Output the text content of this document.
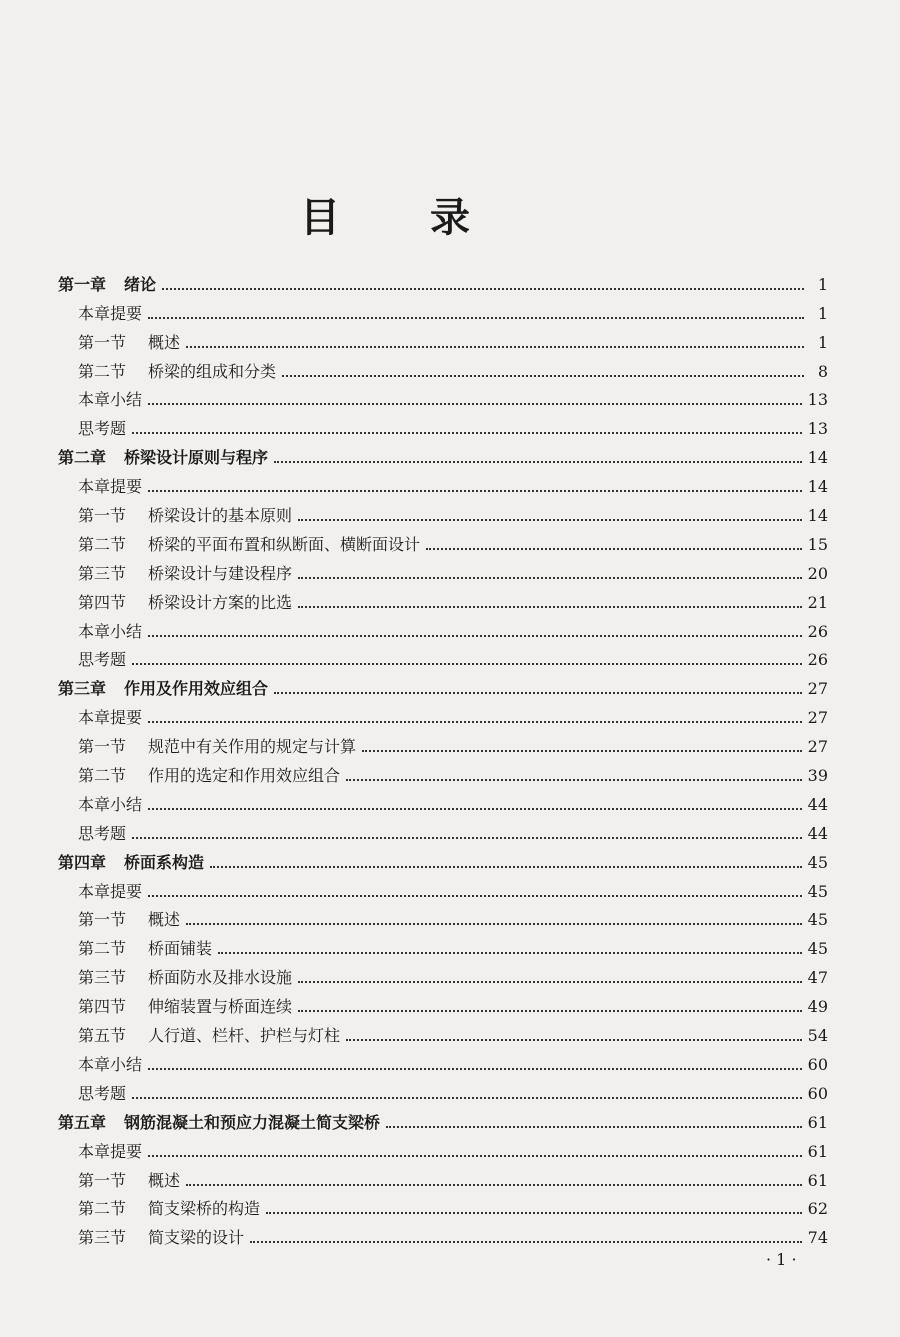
目录
第一章 绪论	1
本章提要	1
第一节 概述	1
第二节 桥梁的组成和分类	8
本章小结	13
思考题	13
第二章 桥梁设计原则与程序	14
本章提要	14
第一节 桥梁设计的基本原则	14
第二节 桥梁的平面布置和纵断面、横断面设计	15
第三节 桥梁设计与建设程序	20
第四节 桥梁设计方案的比选	21
本章小结	26
思考题	26
第三章 作用及作用效应组合	27
本章提要	27
第一节 规范中有关作用的规定与计算	27
第二节 作用的选定和作用效应组合	39
本章小结	44
思考题	44
第四章 桥面系构造	45
本章提要	45
第一节 概述	45
第二节 桥面铺装	45
第三节 桥面防水及排水设施	47
第四节 伸缩装置与桥面连续	49
第五节 人行道、栏杆、护栏与灯柱	54
本章小结	60
思考题	60
第五章 钢筋混凝土和预应力混凝土简支梁桥	61
本章提要	61
第一节 概述	61
第二节 简支梁桥的构造	62
第三节 简支梁的设计	74
· 1 ·
